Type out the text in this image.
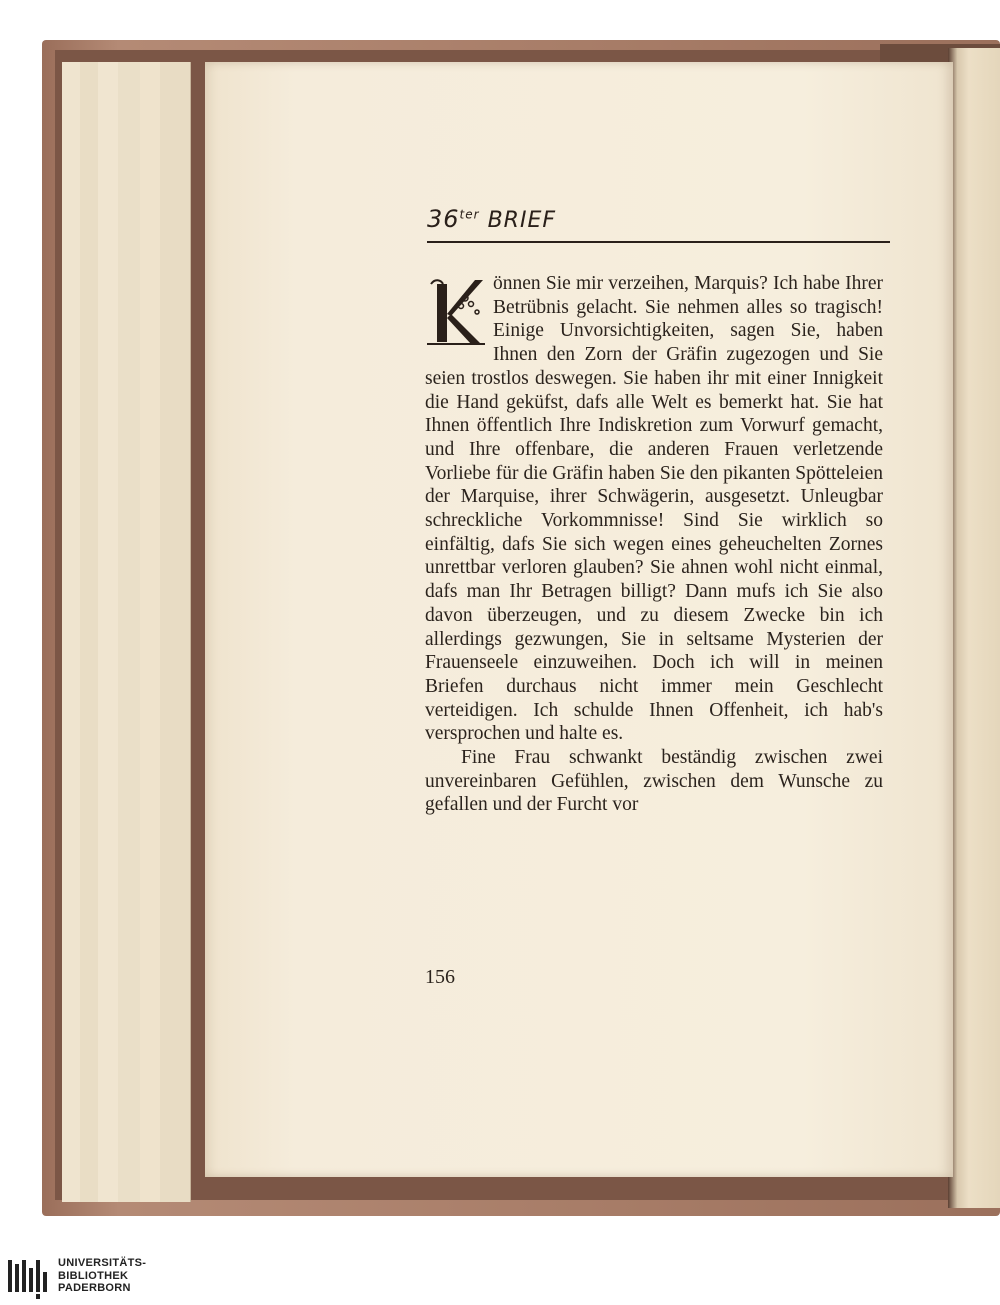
$36^{ter}$ BRIEF

önnen Sie mir verzeihen, Marquis? Ich habe Ihrer Betrübnis gelacht. Sie nehmen alles so tragisch! Einige Unvorsichtigkeiten, sagen Sie, haben Ihnen den Zorn der Gräfin zugezogen und Sie seien trostlos deswegen. Sie haben ihr mit einer Innigkeit die Hand geküfst, dafs alle Welt es bemerkt hat. Sie hat Ihnen öffentlich Ihre Indiskretion zum Vorwurf gemacht, und Ihre offenbare, die anderen Frauen verletzende Vorliebe für die Gräfin haben Sie den pikanten Spötteleien der Marquise, ihrer Schwägerin, ausgesetzt. Unleugbar schreckliche Vorkommnisse! Sind Sie wirklich so einfältig, dafs Sie sich wegen eines geheuchelten Zornes unrettbar verloren glauben? Sie ahnen wohl nicht einmal, dafs man Ihr Betragen billigt? Dann mufs ich Sie also davon überzeugen, und zu diesem Zwecke bin ich allerdings gezwungen, Sie in seltsame Mysterien der Frauenseele einzuweihen. Doch ich will in meinen Briefen durchaus nicht immer mein Geschlecht verteidigen. Ich schulde Ihnen Offenheit, ich hab's versprochen und halte es.

Fine Frau schwankt beständig zwischen zwei unvereinbaren Gefühlen, zwischen dem Wunsche zu gefallen und der Furcht vor

156
UNIVERSITÄTS-
BIBLIOTHEK
PADERBORN
